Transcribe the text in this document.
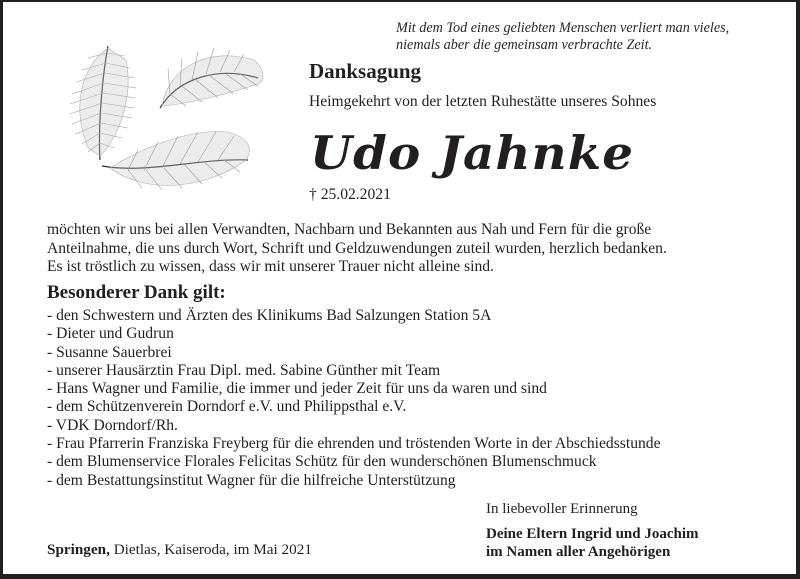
Mit dem Tod eines geliebten Menschen verliert man vieles,
niemals aber die gemeinsam verbrachte Zeit.
Danksagung
Heimgekehrt von der letzten Ruhestätte unseres Sohnes
Udo Jahnke
† 25.02.2021
möchten wir uns bei allen Verwandten, Nachbarn und Bekannten aus Nah und Fern für die große
Anteilnahme, die uns durch Wort, Schrift und Geldzuwendungen zuteil wurden, herzlich bedanken.
Es ist tröstlich zu wissen, dass wir mit unserer Trauer nicht alleine sind.
Besonderer Dank gilt:
- den Schwestern und Ärzten des Klinikums Bad Salzungen Station 5A
- Dieter und Gudrun
- Susanne Sauerbrei
- unserer Hausärztin Frau Dipl. med. Sabine Günther mit Team
- Hans Wagner und Familie, die immer und jeder Zeit für uns da waren und sind
- dem Schützenverein Dorndorf e.V. und Philippsthal e.V.
- VDK Dorndorf/Rh.
- Frau Pfarrerin Franziska Freyberg für die ehrenden und tröstenden Worte in der Abschiedsstunde
- dem Blumenservice Florales Felicitas Schütz für den wunderschönen Blumenschmuck
- dem Bestattungsinstitut Wagner für die hilfreiche Unterstützung
In liebevoller Erinnerung
Deine Eltern Ingrid und Joachim
im Namen aller Angehörigen
Springen, Dietlas, Kaiseroda, im Mai 2021
